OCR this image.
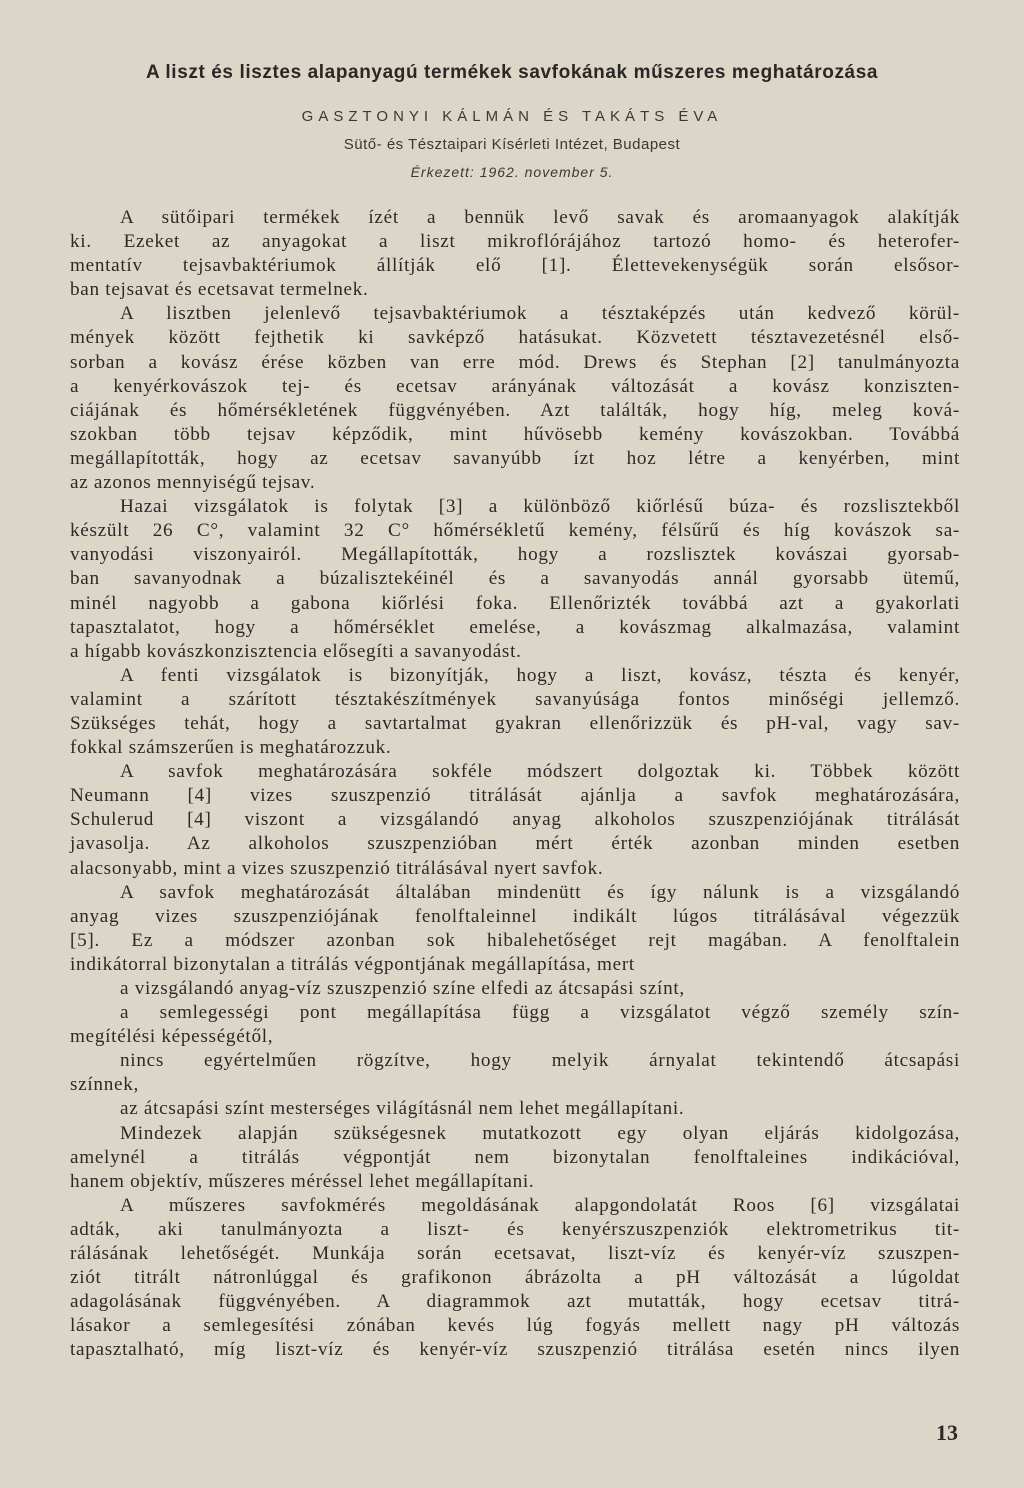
A liszt és lisztes alapanyagú termékek savfokának műszeres meghatározása
GASZTONYI KÁLMÁN ÉS TAKÁTS ÉVA
Sütő- és Tésztaipari Kísérleti Intézet, Budapest
Érkezett: 1962. november 5.
A sütőipari termékek ízét a bennük levő savak és aromaanyagok alakítják
ki. Ezeket az anyagokat a liszt mikroflórájához tartozó homo- és heterofer-
mentatív tejsavbaktériumok állítják elő [1]. Élettevekenységük során elsősor-
ban tejsavat és ecetsavat termelnek.
A lisztben jelenlevő tejsavbaktériumok a tésztaképzés után kedvező körül-
mények között fejthetik ki savképző hatásukat. Közvetett tésztavezetésnél első-
sorban a kovász érése közben van erre mód. Drews és Stephan [2] tanulmányozta
a kenyérkovászok tej- és ecetsav arányának változását a kovász konziszten-
ciájának és hőmérsékletének függvényében. Azt találták, hogy híg, meleg ková-
szokban több tejsav képződik, mint hűvösebb kemény kovászokban. Továbbá
megállapították, hogy az ecetsav savanyúbb ízt hoz létre a kenyérben, mint
az azonos mennyiségű tejsav.
Hazai vizsgálatok is folytak [3] a különböző kiőrlésű búza- és rozslisztekből
készült 26 C°, valamint 32 C° hőmérsékletű kemény, félsűrű és híg kovászok sa-
vanyodási viszonyairól. Megállapították, hogy a rozslisztek kovászai gyorsab-
ban savanyodnak a búzalisztekéinél és a savanyodás annál gyorsabb ütemű,
minél nagyobb a gabona kiőrlési foka. Ellenőrizték továbbá azt a gyakorlati
tapasztalatot, hogy a hőmérséklet emelése, a kovászmag alkalmazása, valamint
a hígabb kovászkonzisztencia elősegíti a savanyodást.
A fenti vizsgálatok is bizonyítják, hogy a liszt, kovász, tészta és kenyér,
valamint a szárított tésztakészítmények savanyúsága fontos minőségi jellemző.
Szükséges tehát, hogy a savtartalmat gyakran ellenőrizzük és pH-val, vagy sav-
fokkal számszerűen is meghatározzuk.
A savfok meghatározására sokféle módszert dolgoztak ki. Többek között
Neumann [4] vizes szuszpenzió titrálását ajánlja a savfok meghatározására,
Schulerud [4] viszont a vizsgálandó anyag alkoholos szuszpenziójának titrálását
javasolja. Az alkoholos szuszpenzióban mért érték azonban minden esetben
alacsonyabb, mint a vizes szuszpenzió titrálásával nyert savfok.
A savfok meghatározását általában mindenütt és így nálunk is a vizsgálandó
anyag vizes szuszpenziójának fenolftaleinnel indikált lúgos titrálásával végezzük
[5]. Ez a módszer azonban sok hibalehetőséget rejt magában. A fenolftalein
indikátorral bizonytalan a titrálás végpontjának megállapítása, mert
a vizsgálandó anyag-víz szuszpenzió színe elfedi az átcsapási színt,
a semlegességi pont megállapítása függ a vizsgálatot végző személy szín-
megítélési képességétől,
nincs egyértelműen rögzítve, hogy melyik árnyalat tekintendő átcsapási
színnek,
az átcsapási színt mesterséges világításnál nem lehet megállapítani.
Mindezek alapján szükségesnek mutatkozott egy olyan eljárás kidolgozása,
amelynél a titrálás végpontját nem bizonytalan fenolftaleines indikációval,
hanem objektív, műszeres méréssel lehet megállapítani.
A műszeres savfokmérés megoldásának alapgondolatát Roos [6] vizsgálatai
adták, aki tanulmányozta a liszt- és kenyérszuszpenziók elektrometrikus tit-
rálásának lehetőségét. Munkája során ecetsavat, liszt-víz és kenyér-víz szuszpen-
ziót titrált nátronlúggal és grafikonon ábrázolta a pH változását a lúgoldat
adagolásának függvényében. A diagrammok azt mutatták, hogy ecetsav titrá-
lásakor a semlegesítési zónában kevés lúg fogyás mellett nagy pH változás
tapasztalható, míg liszt-víz és kenyér-víz szuszpenzió titrálása esetén nincs ilyen
13
